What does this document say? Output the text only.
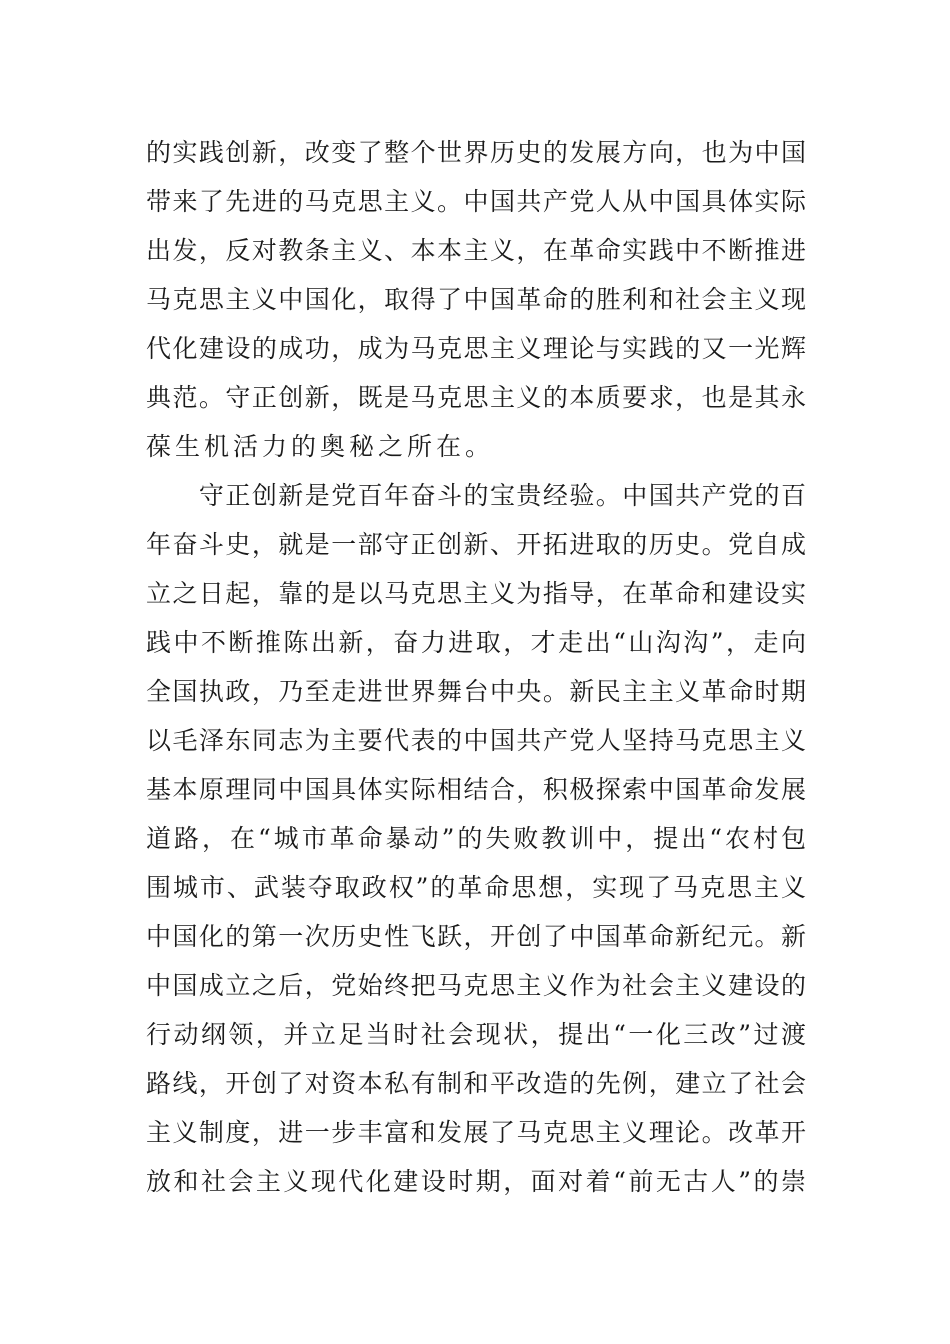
的实践创新，改变了整个世界历史的发展方向，也为中国
带来了先进的马克思主义。中国共产党人从中国具体实际
出发，反对教条主义、本本主义，在革命实践中不断推进
马克思主义中国化，取得了中国革命的胜利和社会主义现
代化建设的成功，成为马克思主义理论与实践的又一光辉
典范。守正创新，既是马克思主义的本质要求，也是其永
葆生机活力的奥秘之所在。
　　守正创新是党百年奋斗的宝贵经验。中国共产党的百
年奋斗史，就是一部守正创新、开拓进取的历史。党自成
立之日起，靠的是以马克思主义为指导，在革命和建设实
践中不断推陈出新，奋力进取，才走出“山沟沟”，走向
全国执政，乃至走进世界舞台中央。新民主主义革命时期
以毛泽东同志为主要代表的中国共产党人坚持马克思主义
基本原理同中国具体实际相结合，积极探索中国革命发展
道路，在“城市革命暴动”的失败教训中，提出“农村包
围城市、武装夺取政权”的革命思想，实现了马克思主义
中国化的第一次历史性飞跃，开创了中国革命新纪元。新
中国成立之后，党始终把马克思主义作为社会主义建设的
行动纲领，并立足当时社会现状，提出“一化三改”过渡
路线，开创了对资本私有制和平改造的先例，建立了社会
主义制度，进一步丰富和发展了马克思主义理论。改革开
放和社会主义现代化建设时期，面对着“前无古人”的崇
